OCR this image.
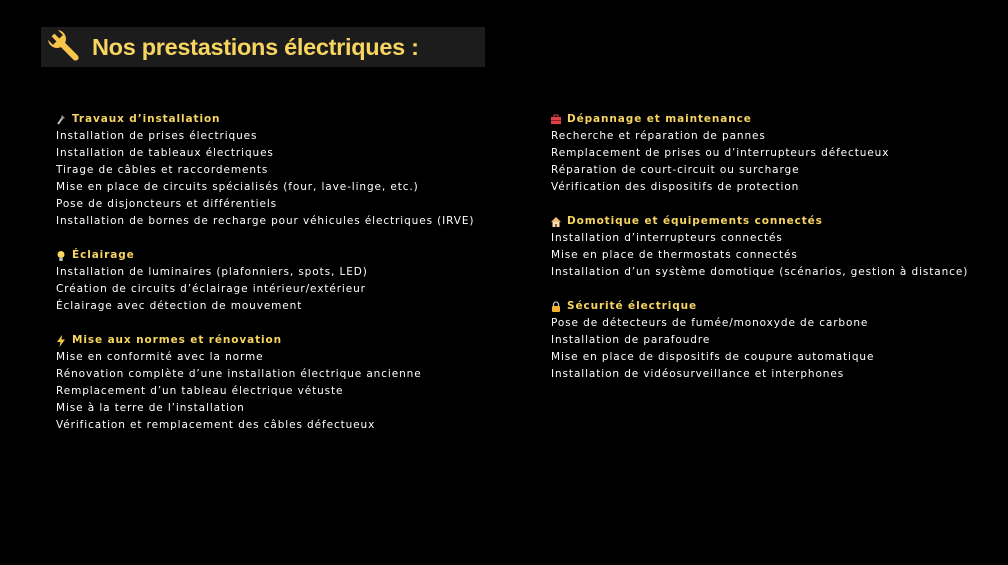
Nos prestastions électriques :
Travaux d’installation
Installation de prises électriques
Installation de tableaux électriques
Tirage de câbles et raccordements
Mise en place de circuits spécialisés (four, lave-linge, etc.)
Pose de disjoncteurs et différentiels
Installation de bornes de recharge pour véhicules électriques (IRVE)
Éclairage
Installation de luminaires (plafonniers, spots, LED)
Création de circuits d’éclairage intérieur/extérieur
Éclairage avec détection de mouvement
Mise aux normes et rénovation
Mise en conformité avec la norme
Rénovation complète d’une installation électrique ancienne
Remplacement d’un tableau électrique vétuste
Mise à la terre de l’installation
Vérification et remplacement des câbles défectueux
Dépannage et maintenance
Recherche et réparation de pannes
Remplacement de prises ou d’interrupteurs défectueux
Réparation de court-circuit ou surcharge
Vérification des dispositifs de protection
Domotique et équipements connectés
Installation d’interrupteurs connectés
Mise en place de thermostats connectés
Installation d’un système domotique (scénarios, gestion à distance)
Sécurité électrique
Pose de détecteurs de fumée/monoxyde de carbone
Installation de parafoudre
Mise en place de dispositifs de coupure automatique
Installation de vidéosurveillance et interphones
